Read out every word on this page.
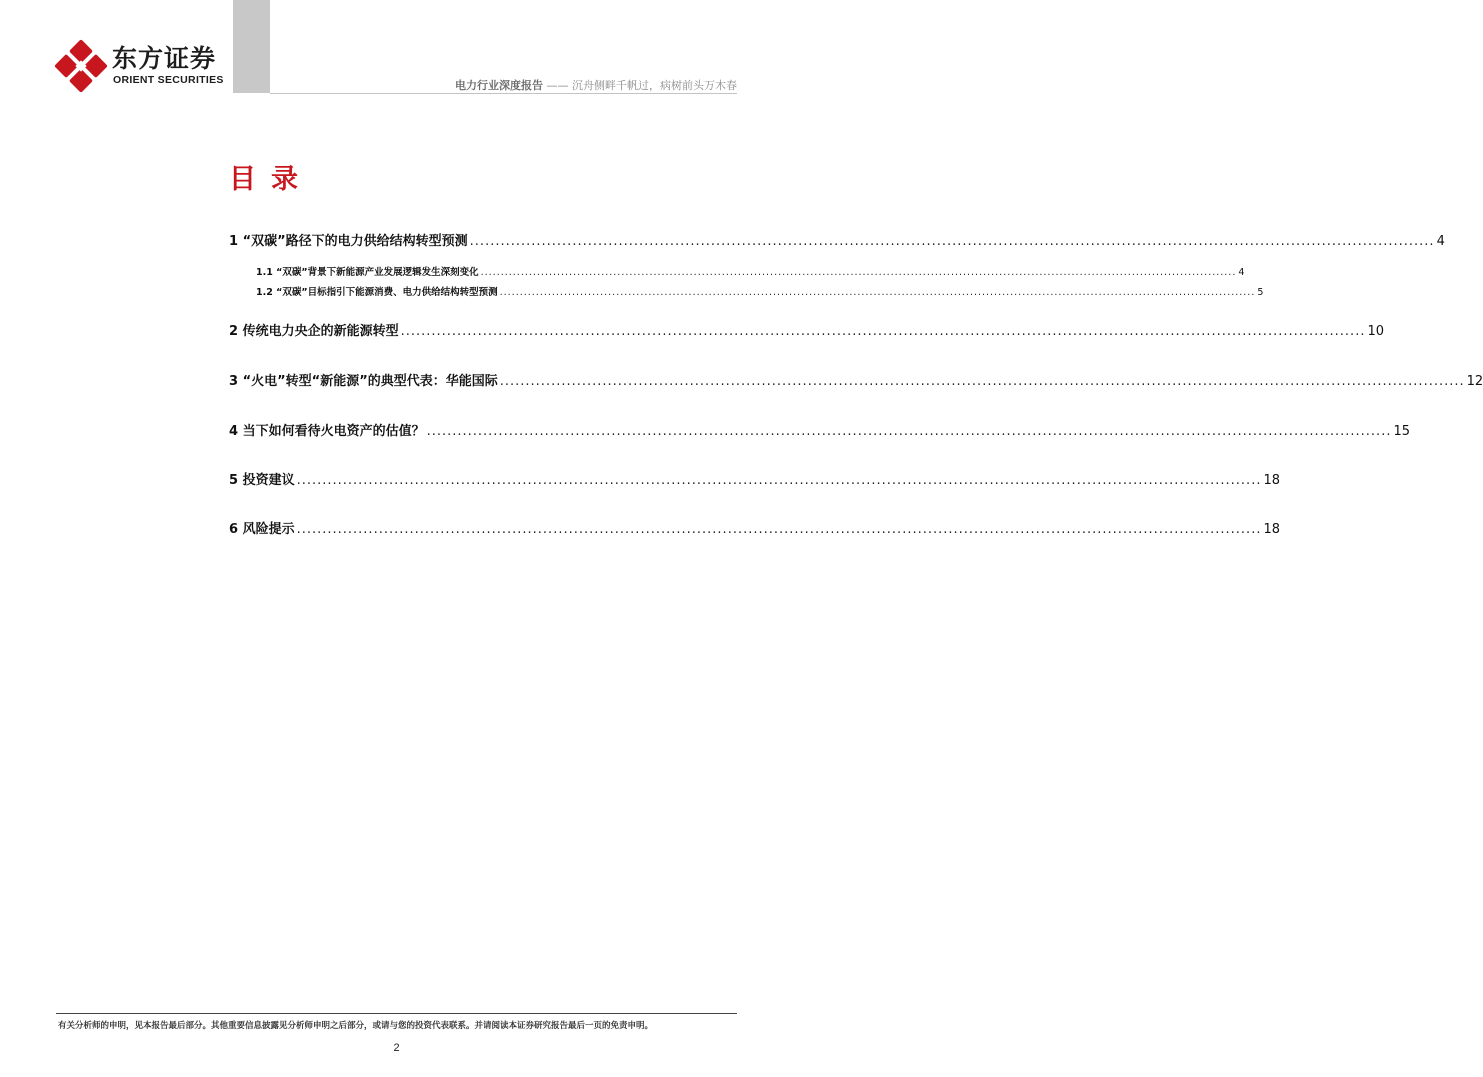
东方证券
ORIENT SECURITIES	电力行业深度报告 —— 沉舟侧畔千帆过，病树前头万木春
目录
1 “双碳”路径下的电力供给结构转型预测 ............................................................................................................................................................................................ 4
1.1 “双碳”背景下新能源产业发展逻辑发生深刻变化 ............................................................................................................................................................................................ 4
1.2 “双碳”目标指引下能源消费、电力供给结构转型预测 ............................................................................................................................................................................................ 5
2 传统电力央企的新能源转型 ............................................................................................................................................................................................ 10
3 “火电”转型“新能源”的典型代表：华能国际 ............................................................................................................................................................................................ 12
4 当下如何看待火电资产的估值？ ............................................................................................................................................................................................ 15
5 投资建议 ............................................................................................................................................................................................ 18
6 风险提示 ............................................................................................................................................................................................ 18
有关分析师的申明，见本报告最后部分。其他重要信息披露见分析师申明之后部分，或请与您的投资代表联系。并请阅读本证券研究报告最后一页的免责申明。
2
